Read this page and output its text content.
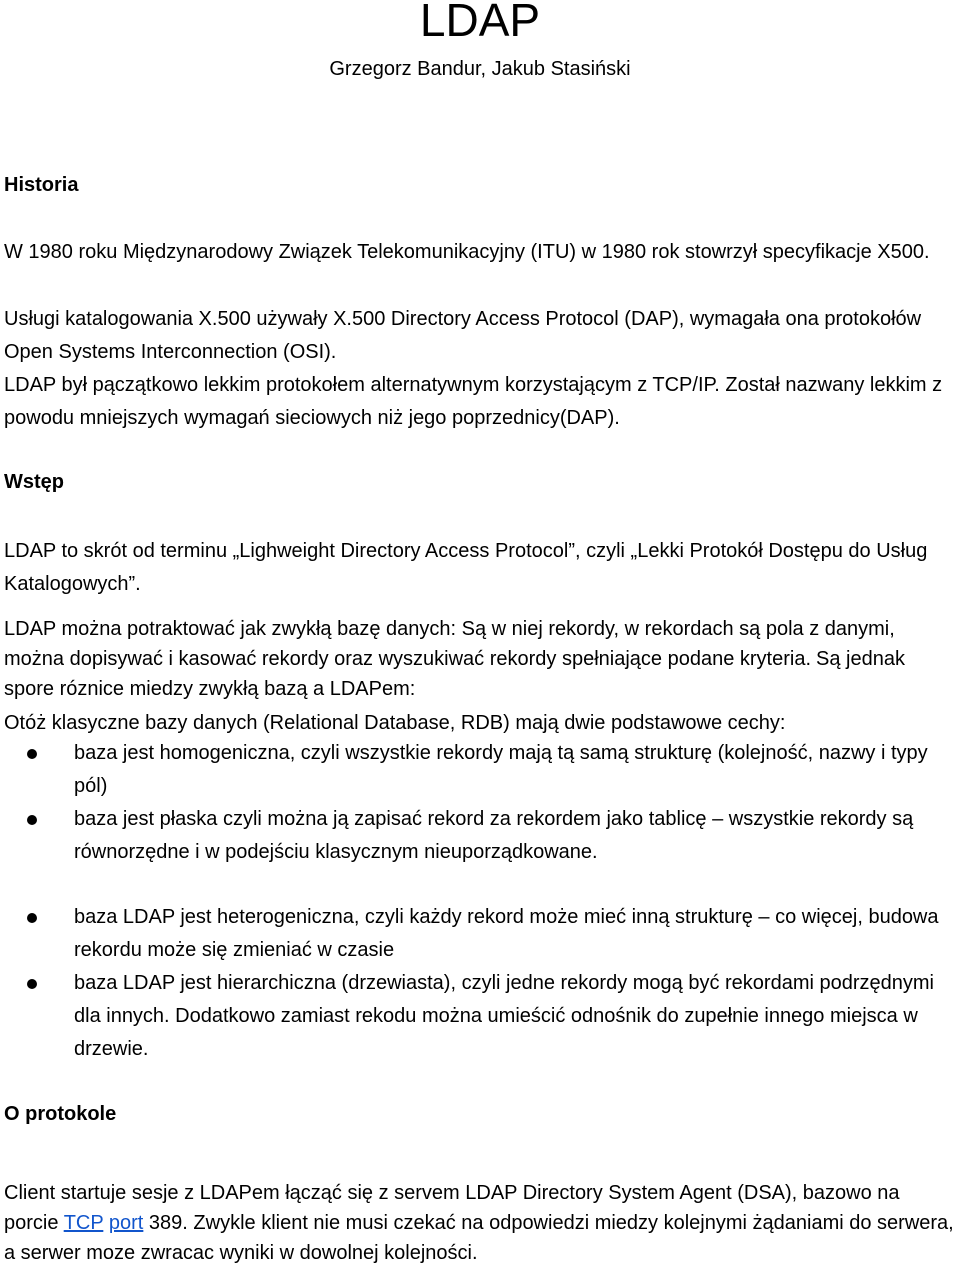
LDAP

Grzegorz Bandur, Jakub Stasiński

Historia

W 1980 roku Międzynarodowy Związek Telekomunikacyjny (ITU) w 1980 rok stowrzył specyfikacje X500.

Usługi katalogowania X.500 używały X.500 Directory Access Protocol (DAP), wymagała ona protokołów Open Systems Interconnection (OSI).

LDAP był pączątkowo lekkim protokołem alternatywnym korzystającym z TCP/IP. Został nazwany lekkim z powodu mniejszych wymagań sieciowych niż jego poprzednicy(DAP).

Wstęp

LDAP to skrót od terminu „Lighweight Directory Access Protocol”, czyli „Lekki Protokół Dostępu do Usług Katalogowych”.

LDAP można potraktować jak zwykłą bazę danych: Są w niej rekordy, w rekordach są pola z danymi, można dopisywać i kasować rekordy oraz wyszukiwać rekordy spełniające podane kryteria. Są jednak spore róznice miedzy zwykłą bazą a LDAPem:

Otóż klasyczne bazy danych (Relational Database, RDB) mają dwie podstawowe cechy:

baza jest homogeniczna, czyli wszystkie rekordy mają tą samą strukturę (kolejność, nazwy i typy pól)
baza jest płaska czyli można ją zapisać rekord za rekordem jako tablicę – wszystkie rekordy są równorzędne i w podejściu klasycznym nieuporządkowane.
baza LDAP jest heterogeniczna, czyli każdy rekord może mieć inną strukturę – co więcej, budowa rekordu może się zmieniać w czasie
baza LDAP jest hierarchiczna (drzewiasta), czyli jedne rekordy mogą być rekordami podrzędnymi dla innych. Dodatkowo zamiast rekodu można umieścić odnośnik do zupełnie innego miejsca w drzewie.
O protokole

Client startuje sesje z LDAPem łącząć się z servem LDAP Directory System Agent (DSA), bazowo na porcie TCP port 389. Zwykle klient nie musi czekać na odpowiedzi miedzy kolejnymi żądaniami do serwera, a serwer moze zwracac wyniki w dowolnej kolejności.
